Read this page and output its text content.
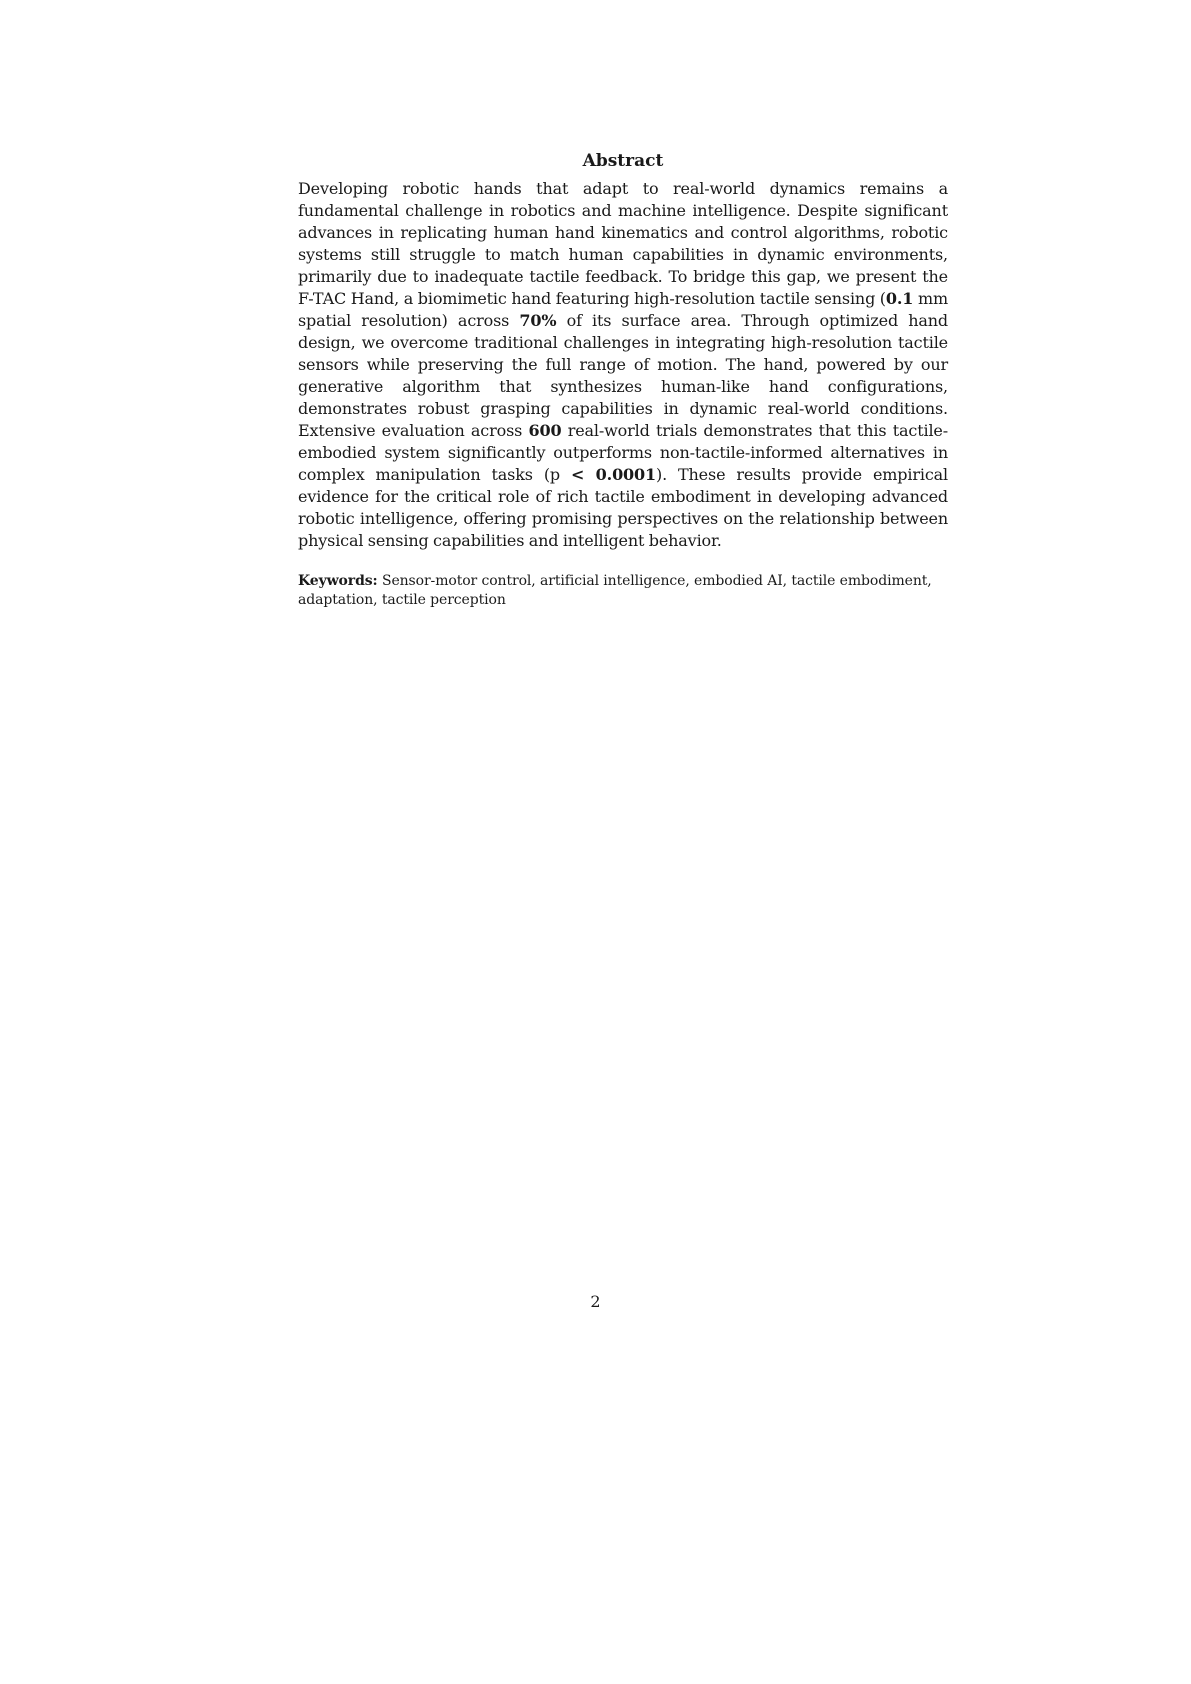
Abstract

Developing robotic hands that adapt to real-world dynamics remains a fundamental challenge in robotics and machine intelligence. Despite significant advances in replicating human hand kinematics and control algorithms, robotic systems still struggle to match human capabilities in dynamic environments, primarily due to inadequate tactile feedback. To bridge this gap, we present the F-TAC Hand, a biomimetic hand featuring high-resolution tactile sensing (0.1 mm spatial resolution) across 70% of its surface area. Through optimized hand design, we overcome traditional challenges in integrating high-resolution tactile sensors while preserving the full range of motion. The hand, powered by our generative algorithm that synthesizes human-like hand configurations, demonstrates robust grasping capabilities in dynamic real-world conditions. Extensive evaluation across 600 real-world trials demonstrates that this tactile-embodied system significantly outperforms non-tactile-informed alternatives in complex manipulation tasks (p < 0.0001). These results provide empirical evidence for the critical role of rich tactile embodiment in developing advanced robotic intelligence, offering promising perspectives on the relationship between physical sensing capabilities and intelligent behavior.

Keywords: Sensor-motor control, artificial intelligence, embodied AI, tactile embodiment, adaptation, tactile perception
2
